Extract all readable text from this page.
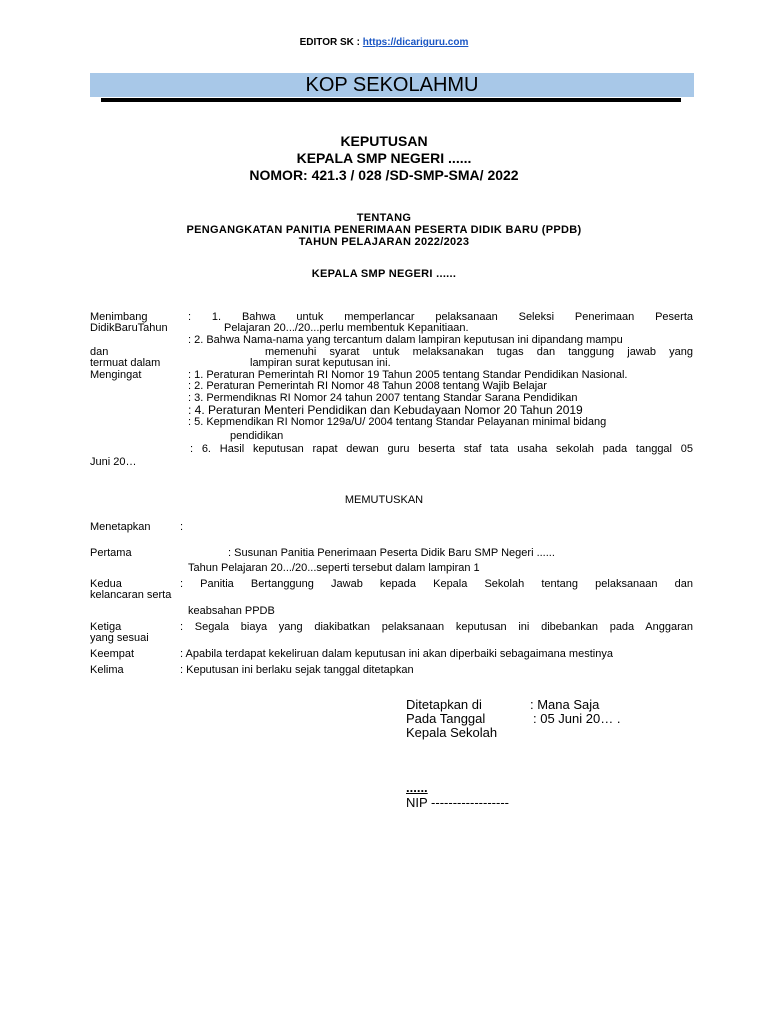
EDITOR SK : https://dicariguru.com
KOP SEKOLAHMU
KEPUTUSAN
KEPALA SMP NEGERI ......
NOMOR: 421.3 / 028 /SD-SMP-SMA/ 2022
TENTANG
PENGANGKATAN PANITIA PENERIMAAN PESERTA DIDIK BARU (PPDB)
TAHUN PELAJARAN 2022/2023
KEPALA SMP NEGERI ......
Menimbang	: 1. Bahwa untuk memperlancar pelaksanaan Seleksi Penerimaan Peserta
DidikBaruTahun	Pelajaran 20.../20...perlu membentuk Kepanitiaan.
: 2. Bahwa Nama-nama yang tercantum dalam lampiran keputusan ini dipandang mampu
dan	memenuhi syarat untuk melaksanakan tugas dan tanggung jawab yang
termuat dalam	lampiran surat keputusan ini.
Mengingat	: 1. Peraturan Pemerintah RI Nomor 19 Tahun 2005 tentang Standar Pendidikan Nasional.
: 2. Peraturan Pemerintah RI Nomor 48 Tahun 2008 tentang Wajib Belajar
: 3. Permendiknas RI Nomor 24 tahun 2007 tentang Standar Sarana Pendidikan
: 4. Peraturan Menteri Pendidikan dan Kebudayaan Nomor 20 Tahun 2019
: 5. Kepmendikan RI Nomor 129a/U/ 2004 tentang Standar Pelayanan minimal bidang
pendidikan
: 6. Hasil keputusan rapat dewan guru beserta staf tata usaha sekolah pada tanggal 05
Juni 20…
MEMUTUSKAN
Menetapkan	:
Pertama	: Susunan Panitia Penerimaan Peserta Didik Baru SMP Negeri ......
Tahun Pelajaran 20.../20...seperti tersebut dalam lampiran 1
Kedua	: Panitia Bertanggung Jawab kepada Kepala Sekolah tentang pelaksanaan dan
kelancaran serta
keabsahan PPDB
Ketiga	: Segala biaya yang diakibatkan pelaksanaan keputusan ini dibebankan pada Anggaran
yang sesuai
Keempat	: Apabila terdapat kekeliruan dalam keputusan ini akan diperbaiki sebagaimana mestinya
Kelima	: Keputusan ini berlaku sejak tanggal ditetapkan
Ditetapkan di	: Mana Saja
Pada Tanggal	: 05 Juni 20… .
Kepala Sekolah
......
NIP ------------------
